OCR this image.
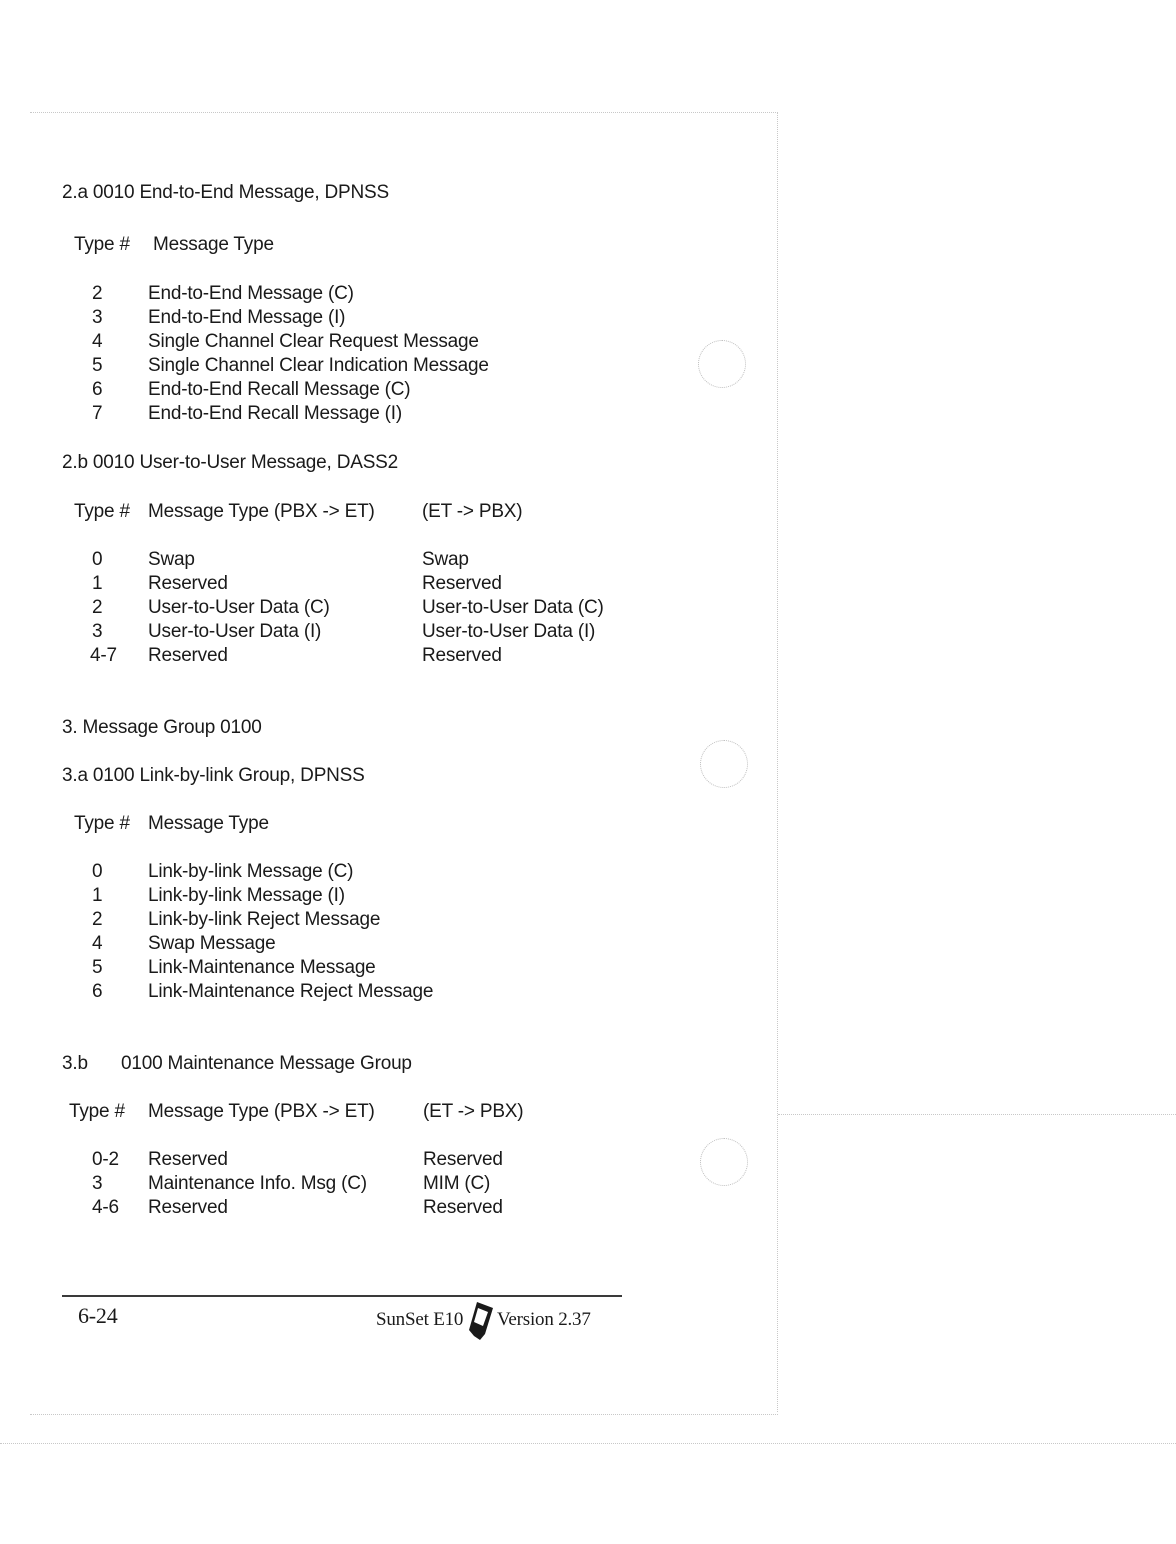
2.a 0010 End-to-End Message, DPNSS
Type # Message Type
2 End-to-End Message (C)
3 End-to-End Message (I)
4 Single Channel Clear Request Message
5 Single Channel Clear Indication Message
6 End-to-End Recall Message (C)
7 End-to-End Recall Message (I)
2.b 0010 User-to-User Message, DASS2
Type # Message Type (PBX -> ET) (ET -> PBX)
0 Swap	Swap
1 Reserved	Reserved
2 User-to-User Data (C)	User-to-User Data (C)
3 User-to-User Data (I)	User-to-User Data (I)
4-7 Reserved	Reserved
3. Message Group 0100
3.a 0100 Link-by-link Group, DPNSS
Type # Message Type
0 Link-by-link Message (C)
1 Link-by-link Message (I)
2 Link-by-link Reject Message
4 Swap Message
5 Link-Maintenance Message
6 Link-Maintenance Reject Message
3.b 0100 Maintenance Message Group
Type # Message Type (PBX -> ET)	(ET -> PBX)
0-2 Reserved	Reserved
3 Maintenance Info. Msg (C)	MIM (C)
4-6 Reserved	Reserved
6-24	SunSet E10 Version 2.37
